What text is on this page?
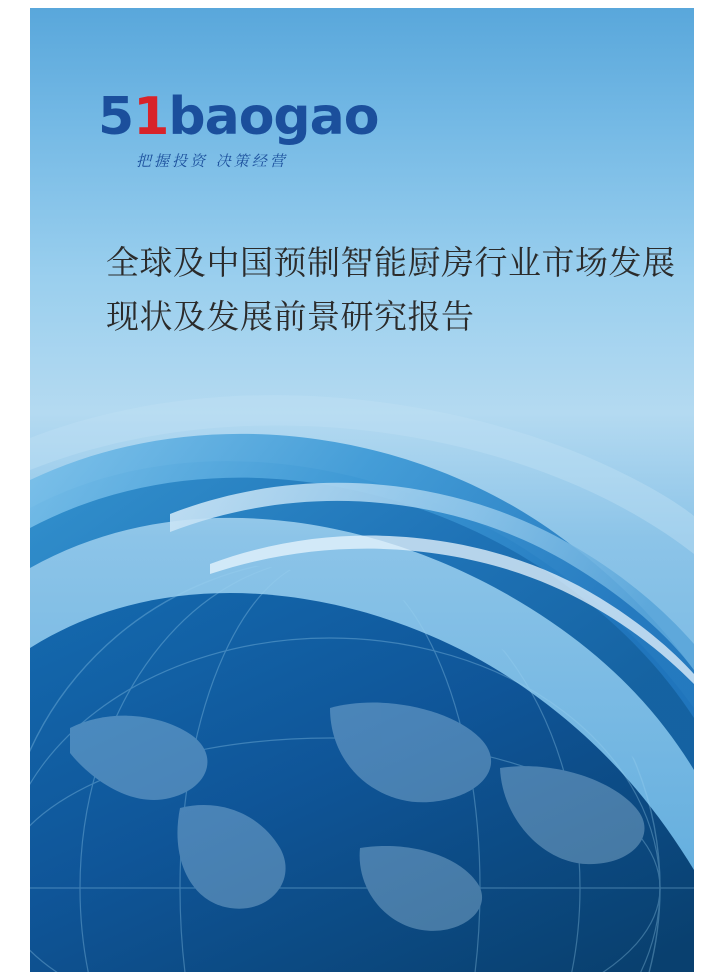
51baogao
把握投资 决策经营
全球及中国预制智能厨房行业市场发展现状及发展前景研究报告
